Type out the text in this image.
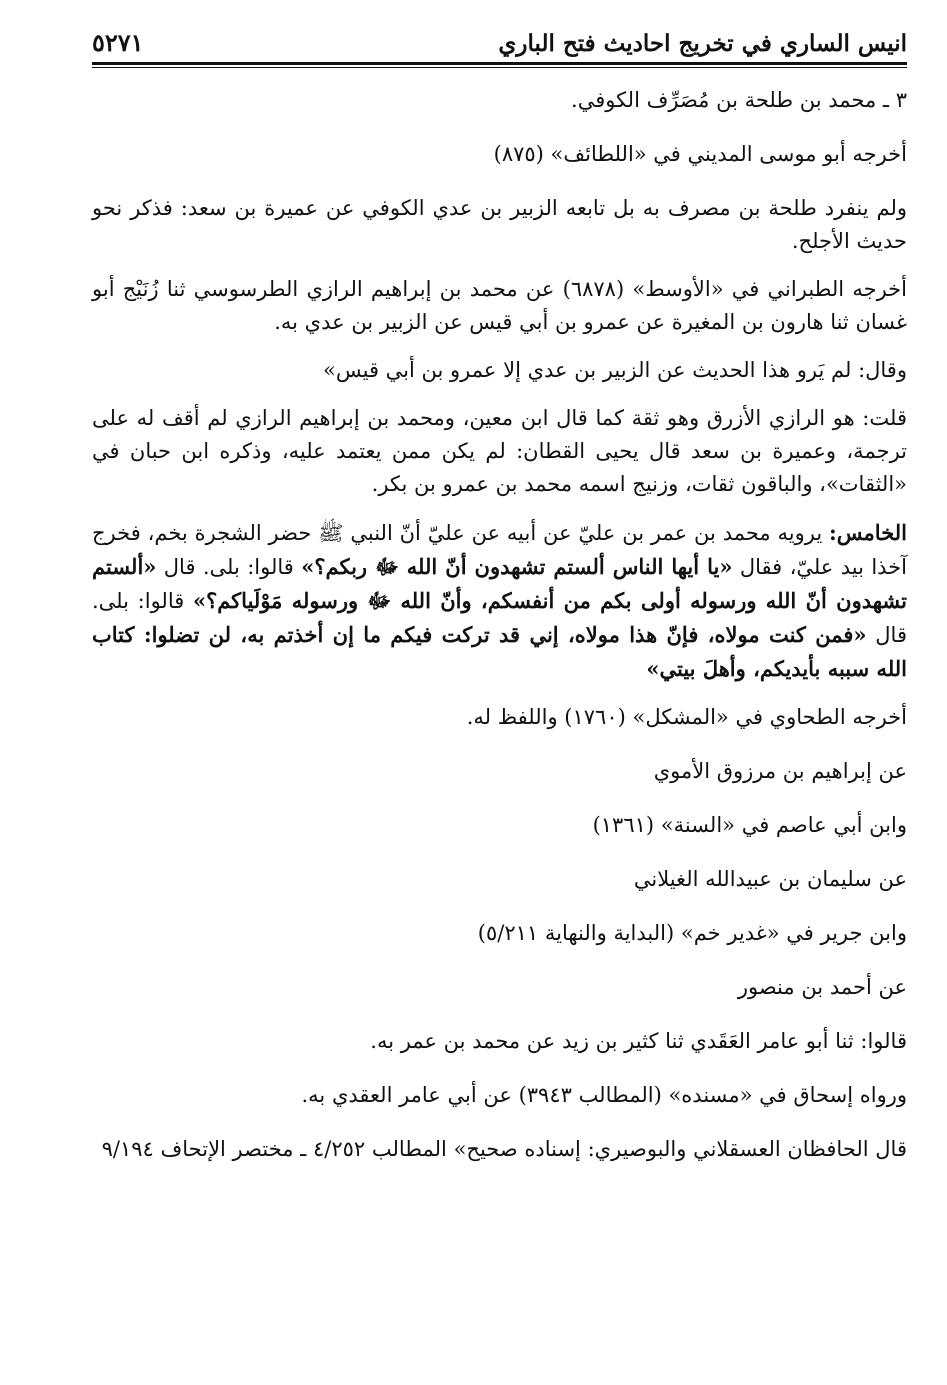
انيس الساري في تخريج احاديث فتح الباري
٥٢٧١

٣ ـ محمد بن طلحة بن مُصَرِّف الكوفي.

أخرجه أبو موسى المديني في «اللطائف» (٨٧٥)

ولم ينفرد طلحة بن مصرف به بل تابعه الزبير بن عدي الكوفي عن عميرة بن سعد: فذكر نحو حديث الأجلح.

أخرجه الطبراني في «الأوسط» (٦٨٧٨) عن محمد بن إبراهيم الرازي الطرسوسي ثنا زُنَيْج أبو غسان ثنا هارون بن المغيرة عن عمرو بن أبي قيس عن الزبير بن عدي به.

وقال: لم يَرو هذا الحديث عن الزبير بن عدي إلا عمرو بن أبي قيس»

قلت: هو الرازي الأزرق وهو ثقة كما قال ابن معين، ومحمد بن إبراهيم الرازي لم أقف له على ترجمة، وعميرة بن سعد قال يحيى القطان: لم يكن ممن يعتمد عليه، وذكره ابن حبان في «الثقات»، والباقون ثقات، وزنيج اسمه محمد بن عمرو بن بكر.

الخامس: يرويه محمد بن عمر بن عليّ عن أبيه عن عليّ أنّ النبي ﷺ حضر الشجرة بخم، فخرج آخذا بيد عليّ، فقال «يا أيها الناس ألستم تشهدون أنّ الله ﷻ ربكم؟» قالوا: بلى. قال «ألستم تشهدون أنّ الله ورسوله أولى بكم من أنفسكم، وأنّ الله ﷻ ورسوله مَوْلَياكم؟» قالوا: بلى. قال «فمن كنت مولاه، فإنّ هذا مولاه، إني قد تركت فيكم ما إن أخذتم به، لن تضلوا: كتاب الله سببه بأيديكم، وأهلَ بيتي»

أخرجه الطحاوي في «المشكل» (١٧٦٠) واللفظ له.

عن إبراهيم بن مرزوق الأموي

وابن أبي عاصم في «السنة» (١٣٦١)

عن سليمان بن عبيدالله الغيلاني

وابن جرير في «غدير خم» (البداية والنهاية ٥/٢١١)

عن أحمد بن منصور

قالوا: ثنا أبو عامر العَقَدي ثنا كثير بن زيد عن محمد بن عمر به.

ورواه إسحاق في «مسنده» (المطالب ٣٩٤٣) عن أبي عامر العقدي به.

قال الحافظان العسقلاني والبوصيري: إسناده صحيح» المطالب ٤/٢٥٢ ـ مختصر الإتحاف ٩/١٩٤
